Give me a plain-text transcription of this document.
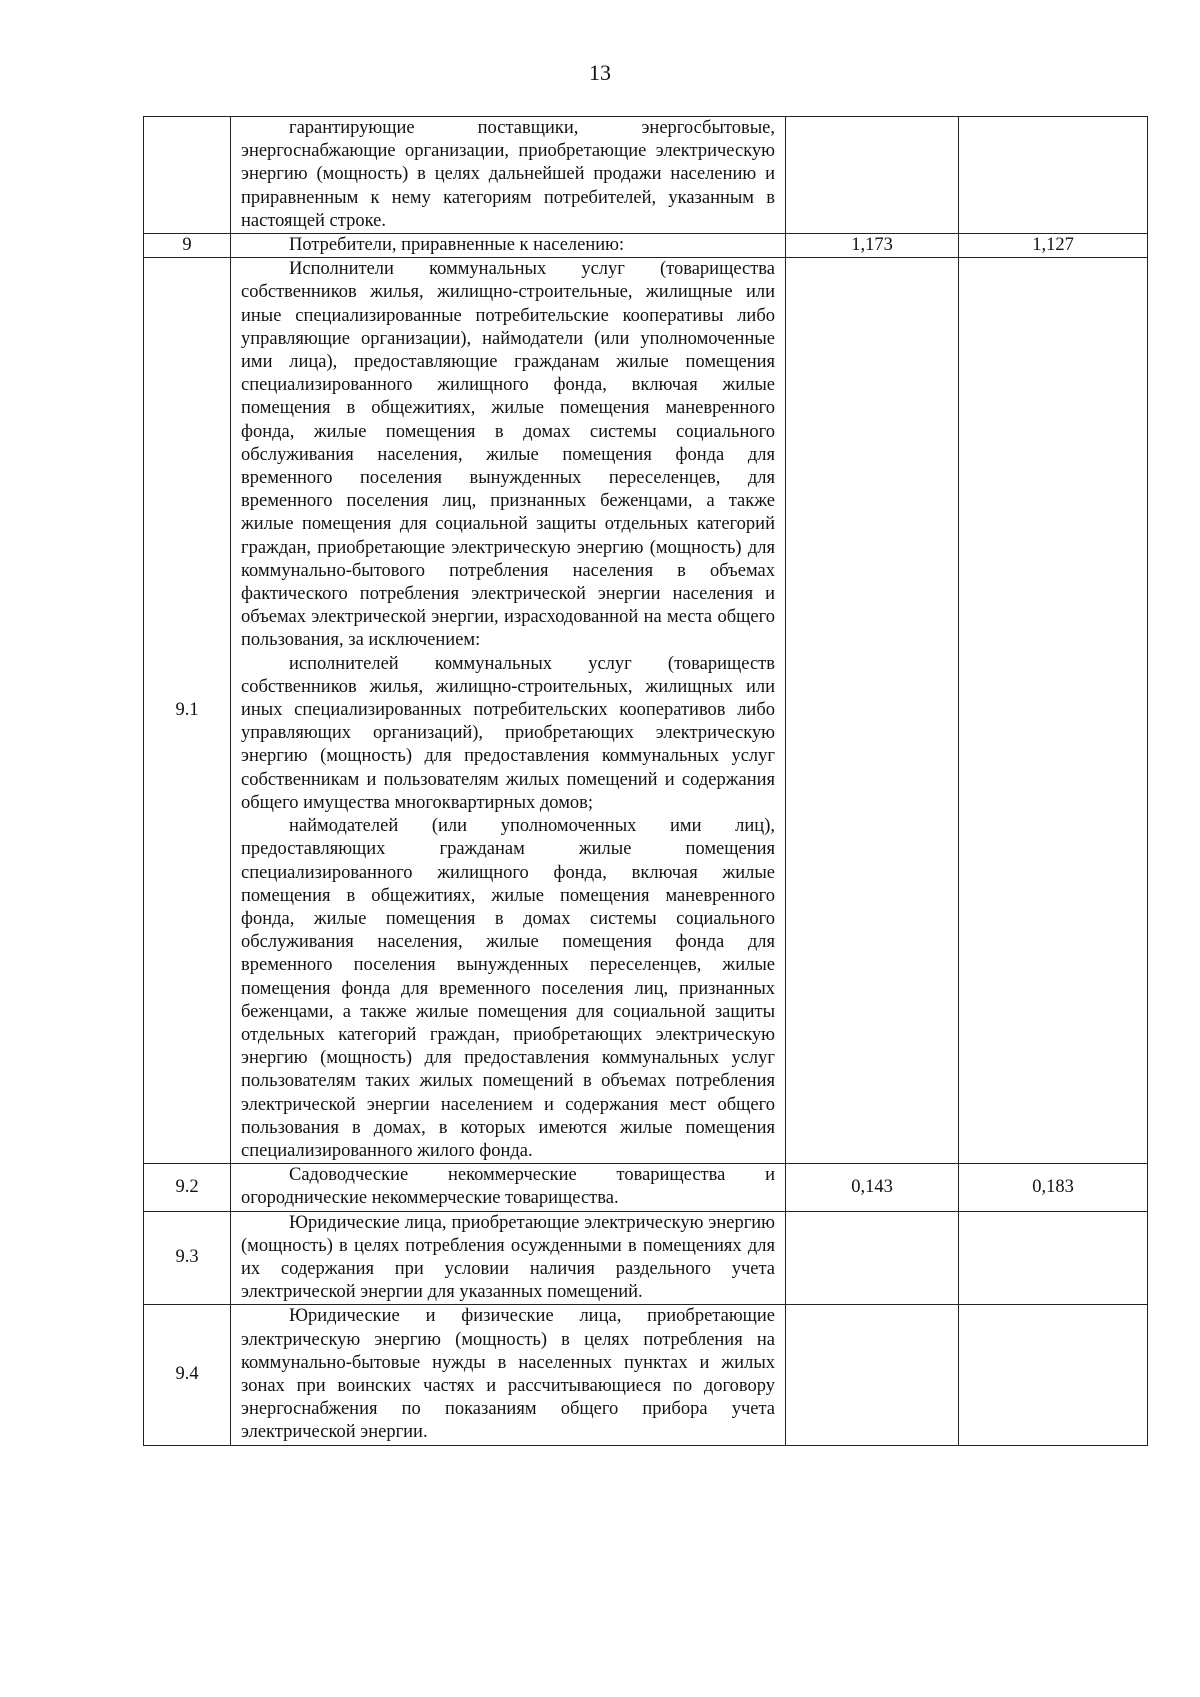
13

	гарантирующие поставщики, энергосбытовые, энергоснабжающие организации, приобретающие электрическую энергию (мощность) в целях дальнейшей продажи населению и приравненным к нему категориям потребителей, указанным в настоящей строке.		

9	Потребители, приравненные к населению:	1,173	1,127
9.1	Исполнители коммунальных услуг (товарищества собственников жилья, жилищно-строительные, жилищные или иные специализированные потребительские кооперативы либо управляющие организации), наймодатели (или уполномоченные ими лица), предоставляющие гражданам жилые помещения специализированного жилищного фонда, включая жилые помещения в общежитиях, жилые помещения маневренного фонда, жилые помещения в домах системы социального обслуживания населения, жилые помещения фонда для временного поселения вынужденных переселенцев, для временного поселения лиц, признанных беженцами, а также жилые помещения для социальной защиты отдельных категорий граждан, приобретающие электрическую энергию (мощность) для коммунально-бытового потребления населения в объемах фактического потребления электрической энергии населения и объемах электрической энергии, израсходованной на места общего пользования, за исключением:
исполнителей коммунальных услуг (товариществ собственников жилья, жилищно-строительных, жилищных или иных специализированных потребительских кооперативов либо управляющих организаций), приобретающих электрическую энергию (мощность) для предоставления коммунальных услуг собственникам и пользователям жилых помещений и содержания общего имущества многоквартирных домов;
наймодателей (или уполномоченных ими лиц), предоставляющих гражданам жилые помещения специализированного жилищного фонда, включая жилые помещения в общежитиях, жилые помещения маневренного фонда, жилые помещения в домах системы социального обслуживания населения, жилые помещения фонда для временного поселения вынужденных переселенцев, жилые помещения фонда для временного поселения лиц, признанных беженцами, а также жилые помещения для социальной защиты отдельных категорий граждан, приобретающих электрическую энергию (мощность) для предоставления коммунальных услуг пользователям таких жилых помещений в объемах потребления электрической энергии населением и содержания мест общего пользования в домах, в которых имеются жилые помещения специализированного жилого фонда.		

9.2	Садоводческие некоммерческие товарищества и огороднические некоммерческие товарищества.	0,143	0,183
9.3	Юридические лица, приобретающие электрическую энергию (мощность) в целях потребления осужденными в помещениях для их содержания при условии наличия раздельного учета электрической энергии для указанных помещений.		

9.4	Юридические и физические лица, приобретающие электрическую энергию (мощность) в целях потребления на коммунально-бытовые нужды в населенных пунктах и жилых зонах при воинских частях и рассчитывающиеся по договору энергоснабжения по показаниям общего прибора учета электрической энергии.		
